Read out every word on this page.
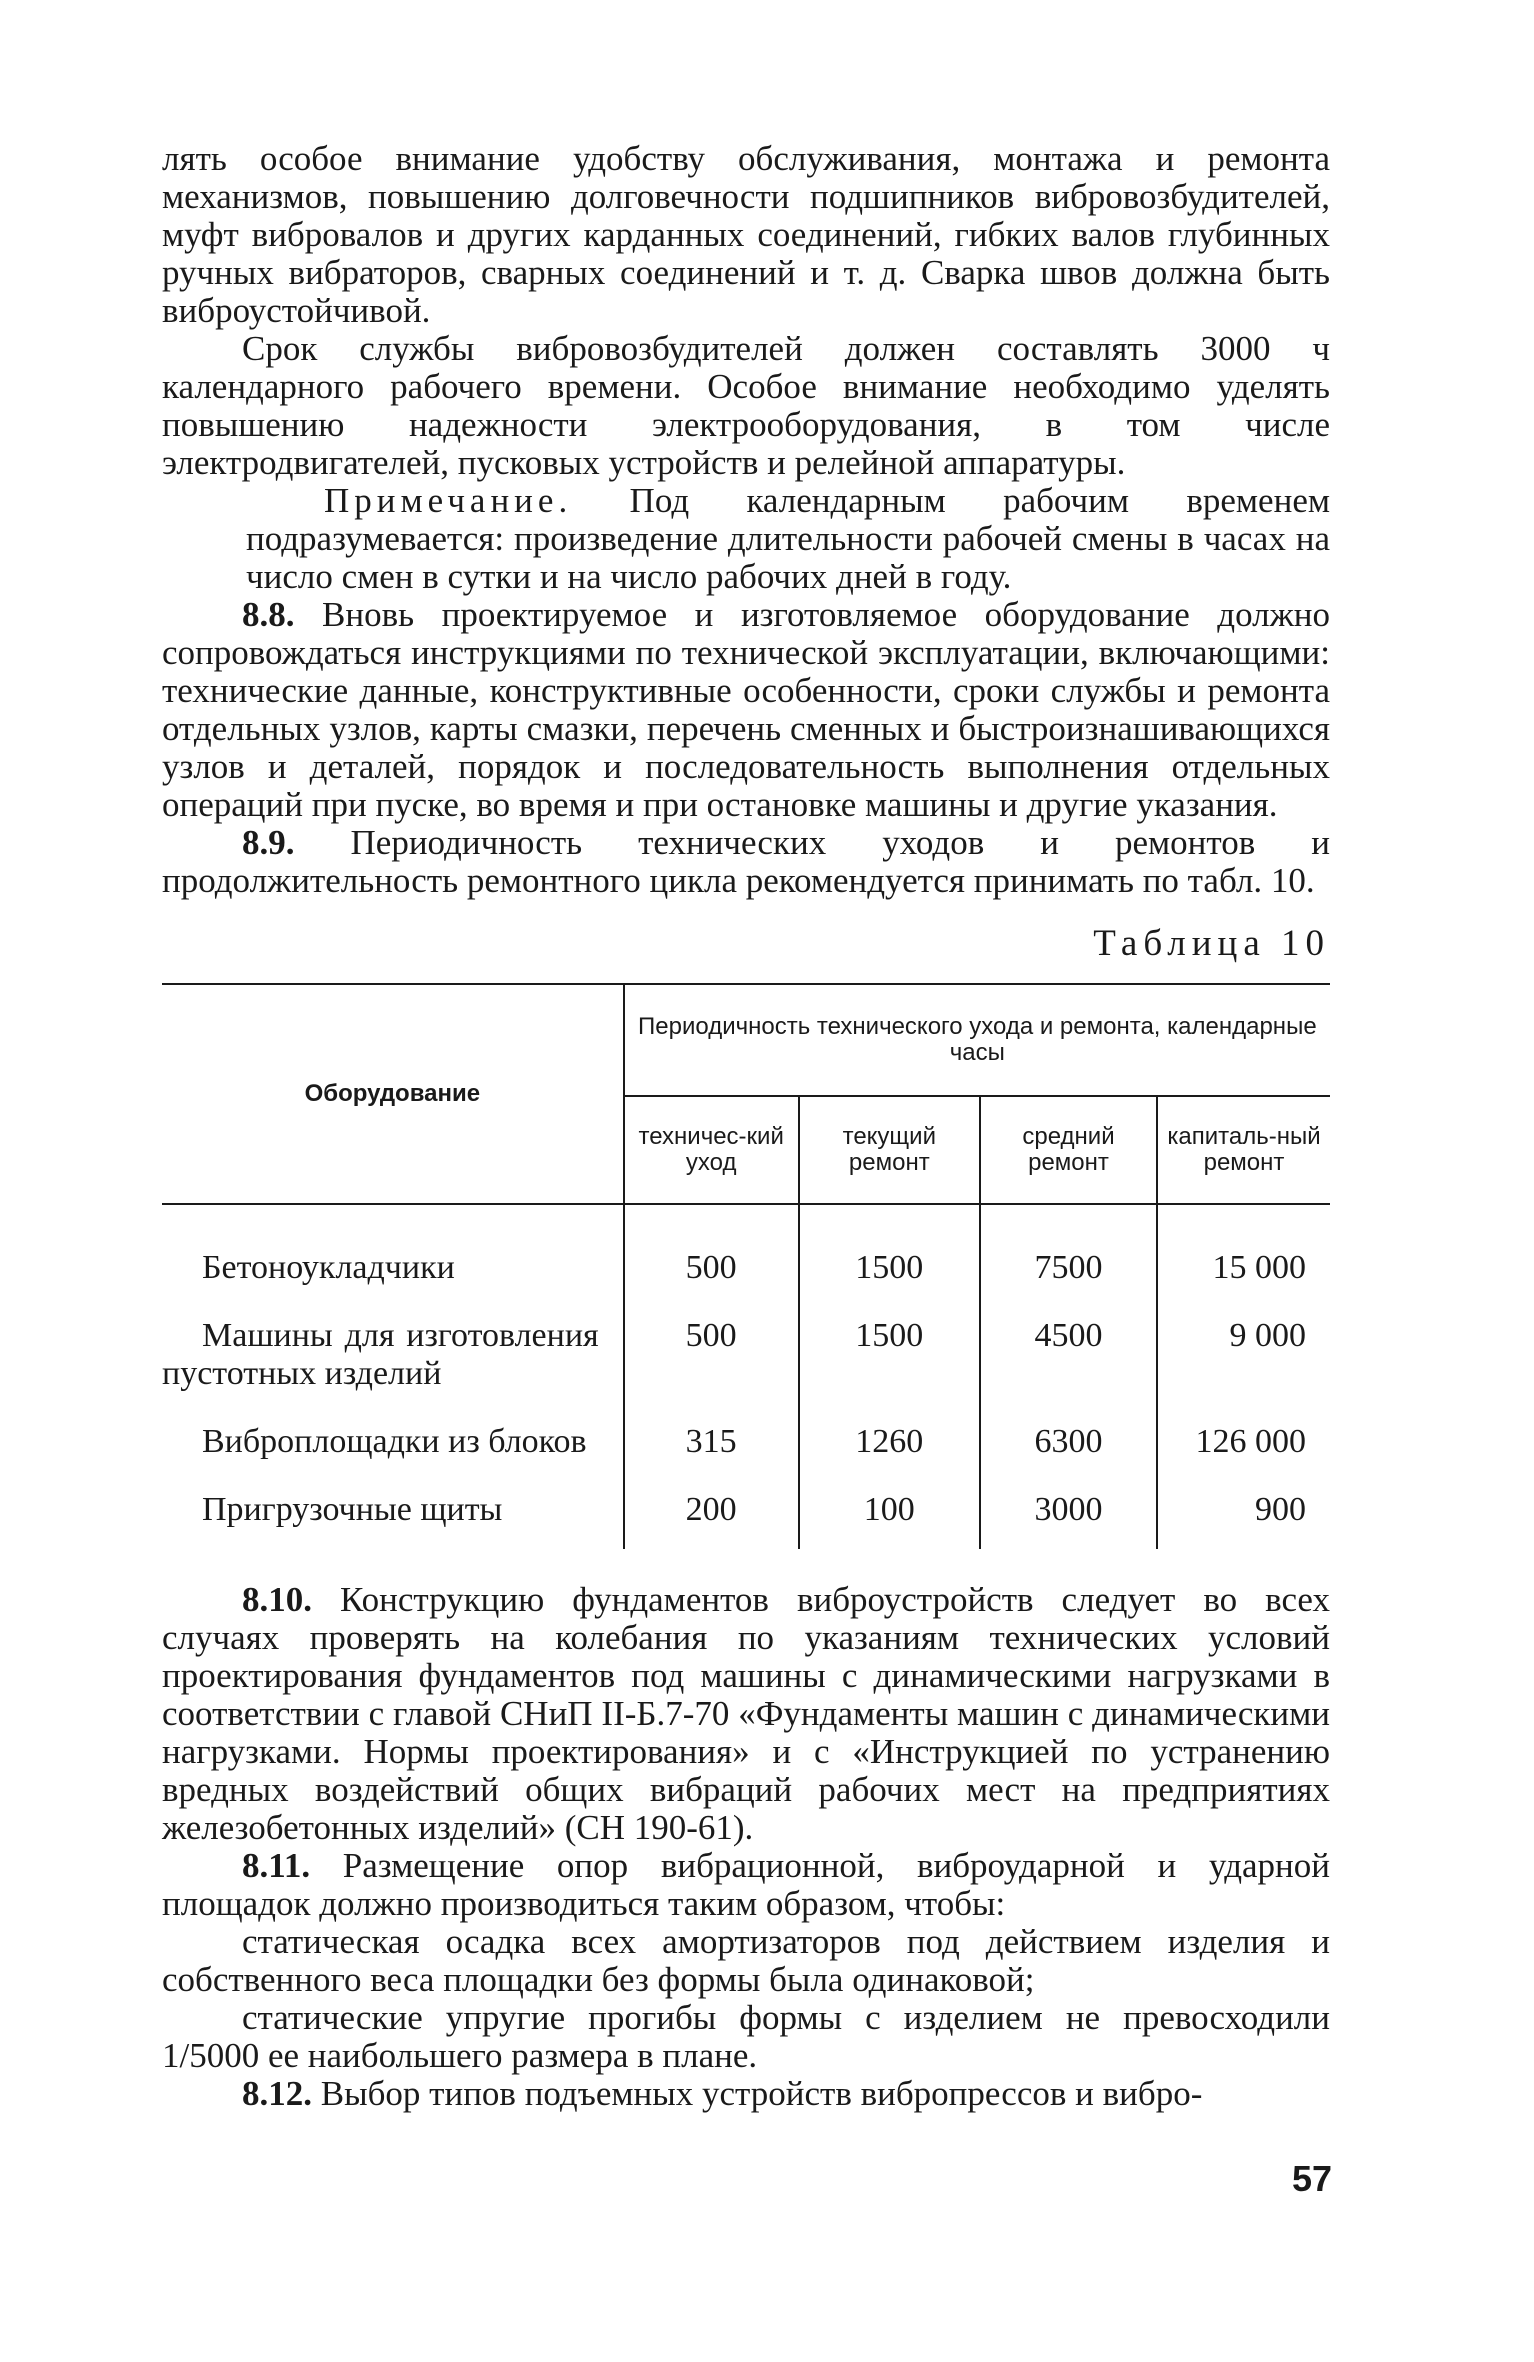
лять особое внимание удобству обслуживания, монтажа и ремонта механизмов, повышению долговечности подшипников вибровозбудителей, муфт вибровалов и других карданных соединений, гибких валов глубинных ручных вибраторов, сварных соединений и т. д. Сварка швов должна быть виброустойчивой.

Срок службы вибровозбудителей должен составлять 3000 ч календарного рабочего времени. Особое внимание необходимо уделять повышению надежности электрооборудования, в том числе электродвигателей, пусковых устройств и релейной аппаратуры.

Примечание. Под календарным рабочим временем подразумевается: произведение длительности рабочей смены в часах на число смен в сутки и на число рабочих дней в году.

8.8. Вновь проектируемое и изготовляемое оборудование должно сопровождаться инструкциями по технической эксплуатации, включающими: технические данные, конструктивные особенности, сроки службы и ремонта отдельных узлов, карты смазки, перечень сменных и быстроизнашивающихся узлов и деталей, порядок и последовательность выполнения отдельных операций при пуске, во время и при остановке машины и другие указания.

8.9. Периодичность технических уходов и ремонтов и продолжительность ремонтного цикла рекомендуется принимать по табл. 10.

Таблица 10
Оборудование	Периодичность технического ухода и ремонта, календарные часы			
	техничес-кий уход	текущий ремонт	средний ремонт	капиталь-ный ремонт

Бетоноукладчики	500	1500	7500	15 000

Машины для изготовления пустотных изделий	500	1500	4500	9 000

Виброплощадки из блоков	315	1260	6300	126 000

Пригрузочные щиты	200	100	3000	900

8.10. Конструкцию фундаментов виброустройств следует во всех случаях проверять на колебания по указаниям технических условий проектирования фундаментов под машины с динамическими нагрузками в соответствии с главой СНиП II-Б.7-70 «Фундаменты машин с динамическими нагрузками. Нормы проектирования» и с «Инструкцией по устранению вредных воздействий общих вибраций рабочих мест на предприятиях железобетонных изделий» (СН 190-61).

8.11. Размещение опор вибрационной, виброударной и ударной площадок должно производиться таким образом, чтобы:

статическая осадка всех амортизаторов под действием изделия и собственного веса площадки без формы была одинаковой;

статические упругие прогибы формы с изделием не превосходили 1/5000 ее наибольшего размера в плане.

8.12. Выбор типов подъемных устройств вибропрессов и вибро-

57
